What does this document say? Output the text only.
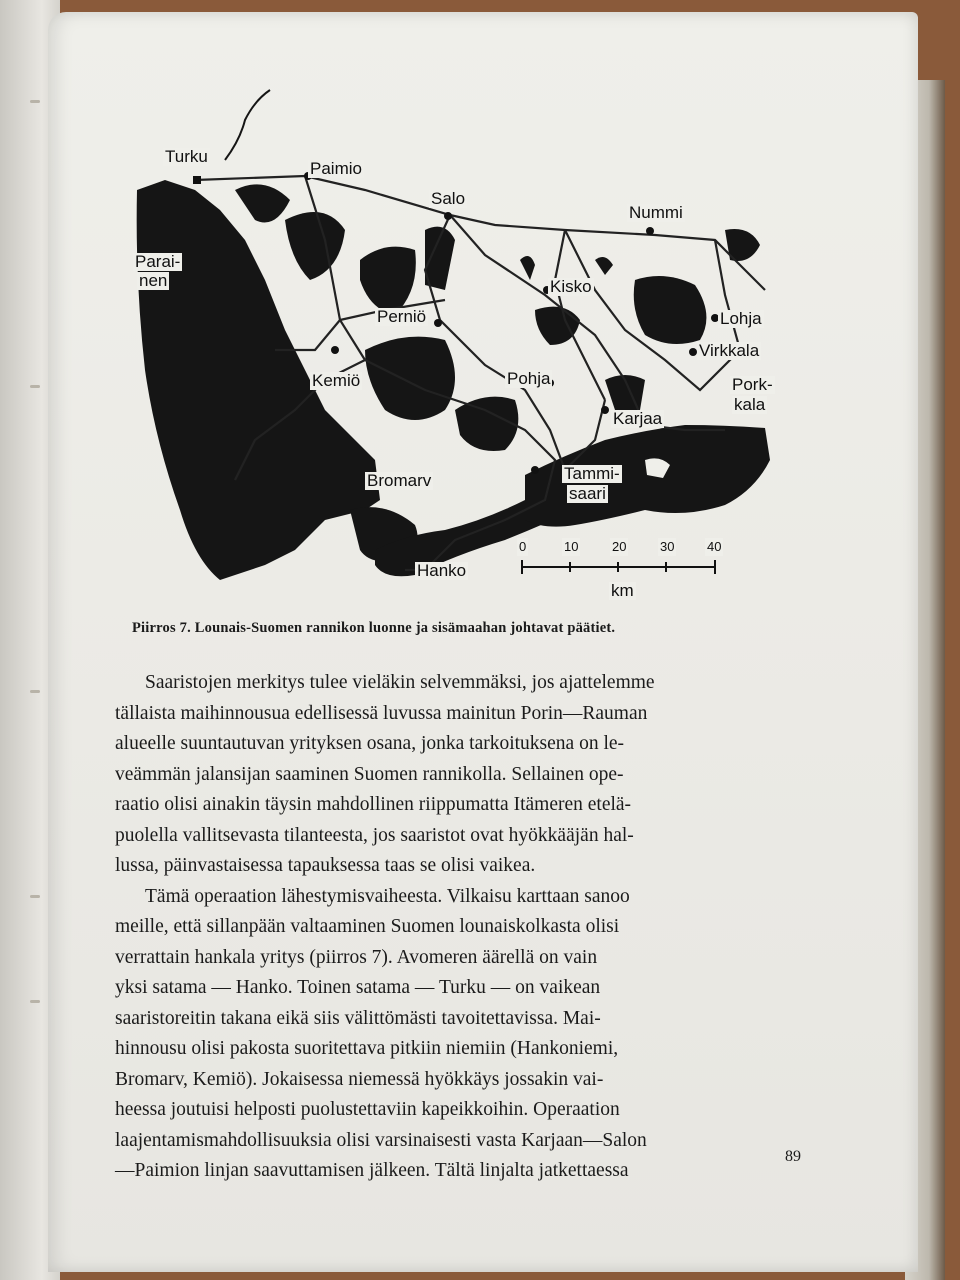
Turku
Paimio
Salo
Nummi
Parai-
nen	Kisko
Lohja
Perniö
Virkkala
Kemiö	Pohja	Pork-
kala
Karjaa
Tammi-
saari
Bromarv
Hanko
0	10	20	30	40
km
Piirros 7. Lounais-Suomen rannikon luonne ja sisämaahan johtavat päätiet.
Saaristojen merkitys tulee vieläkin selvemmäksi, jos ajattelemme
tällaista maihinnousua edellisessä luvussa mainitun Porin—Rauman
alueelle suuntautuvan yrityksen osana, jonka tarkoituksena on le-
veämmän jalansijan saaminen Suomen rannikolla. Sellainen ope-
raatio olisi ainakin täysin mahdollinen riippumatta Itämeren etelä-
puolella vallitsevasta tilanteesta, jos saaristot ovat hyökkääjän hal-
lussa, päinvastaisessa tapauksessa taas se olisi vaikea.
Tämä operaation lähestymisvaiheesta. Vilkaisu karttaan sanoo
meille, että sillanpään valtaaminen Suomen lounaiskolkasta olisi
verrattain hankala yritys (piirros 7). Avomeren äärellä on vain
yksi satama — Hanko. Toinen satama — Turku — on vaikean
saaristoreitin takana eikä siis välittömästi tavoitettavissa. Mai-
hinnousu olisi pakosta suoritettava pitkiin niemiin (Hankoniemi,
Bromarv, Kemiö). Jokaisessa niemessä hyökkäys jossakin vai-
heessa joutuisi helposti puolustettaviin kapeikkoihin. Operaation
laajentamismahdollisuuksia olisi varsinaisesti vasta Karjaan—Salon
—Paimion linjan saavuttamisen jälkeen. Tältä linjalta jatkettaessa
89
